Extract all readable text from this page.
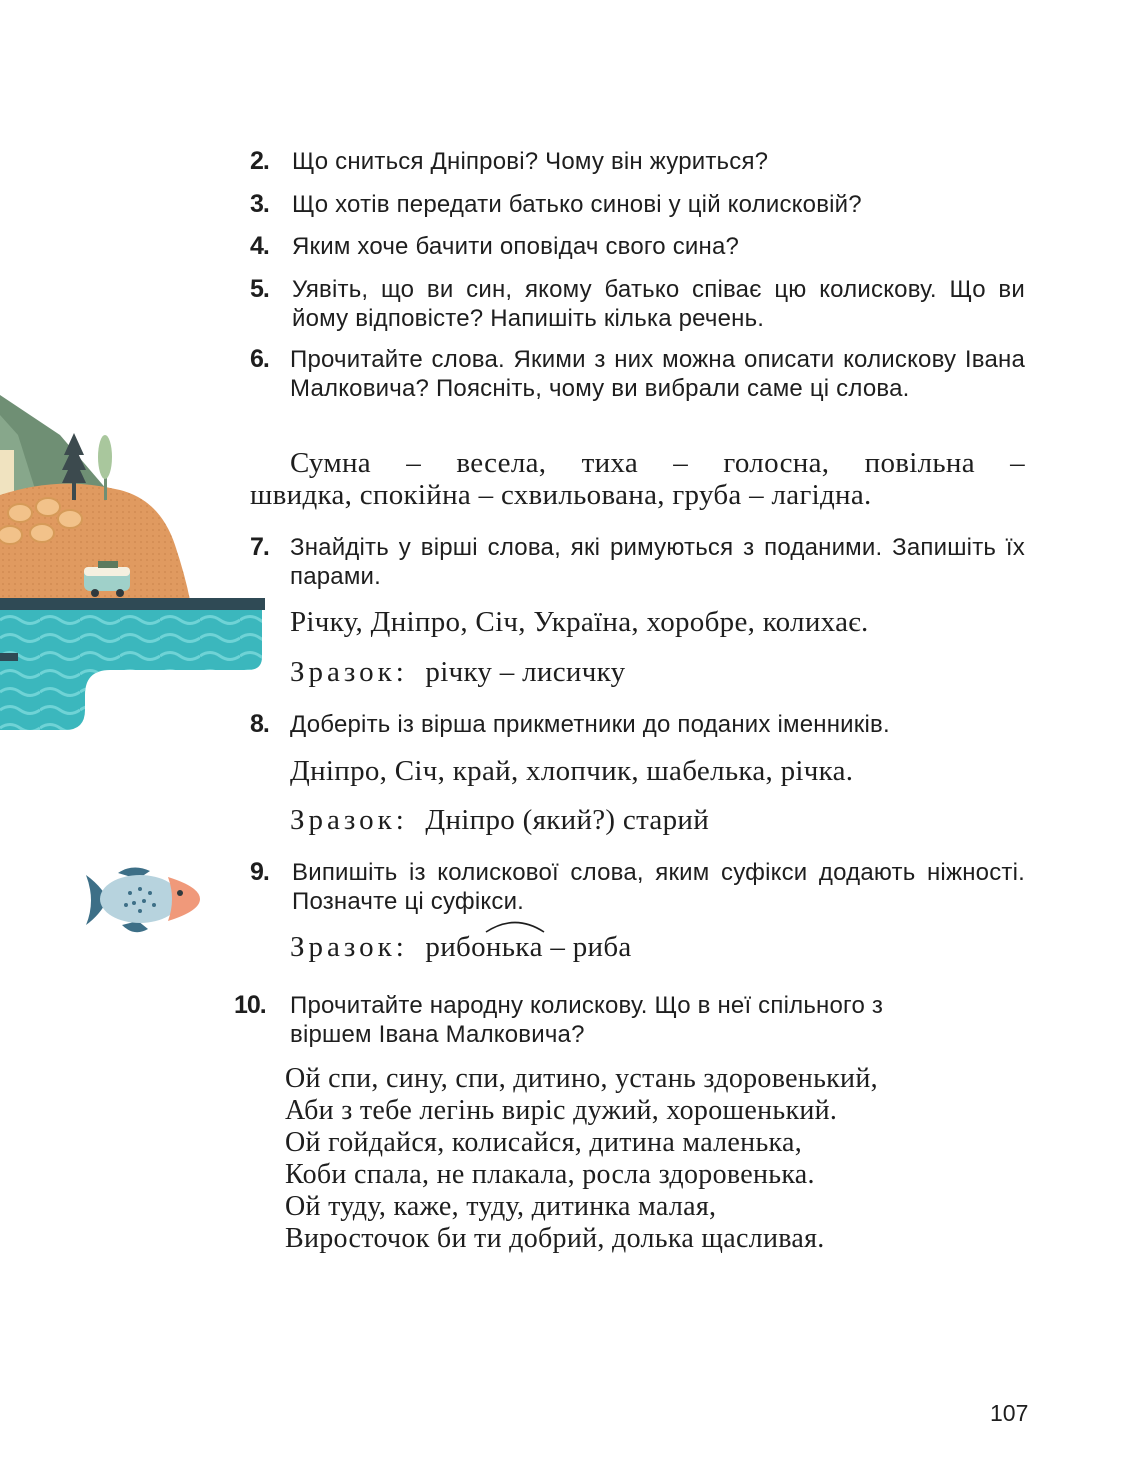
2. Що сниться Дніпрові? Чому він журиться?
3. Що хотів передати батько синові у цій колисковій?
4. Яким хоче бачити оповідач свого сина?
5. Уявіть, що ви син, якому батько співає цю колискову. Що ви йому відповісте? Напишіть кілька речень.
6. Прочитайте слова. Якими з них можна описати колискову Івана Малковича? Поясніть, чому ви вибрали саме ці слова.
Сумна – весела, тиха – голосна, повільна –
швидка, спокійна – схвильована, груба – лагідна.
7. Знайдіть у вірші слова, які римуються з поданими. Запишіть їх парами.
Річку, Дніпро, Січ, Україна, хоробре, колихає.
Зразок: річку – лисичку
8. Доберіть із вірша прикметники до поданих іменників.
Дніпро, Січ, край, хлопчик, шабелька, річка.
Зразок: Дніпро (який?) старий
9. Випишіть із колискової слова, яким суфікси додають ніжності. Позначте ці суфікси.
Зразок: рибо
нька – риба
10.	Прочитайте народну колискову. Що в неї спільного з віршем Івана Малковича?
Ой спи, сину, спи, дитино, устань здоровенький,
Аби з тебе легінь виріс дужий, хорошенький.
Ой гойдайся, колисайся, дитина маленька,
Коби спала, не плакала, росла здоровенька.
Ой туду, каже, туду, дитинка малая,
Виросточок би ти добрий, долька щасливая.
107
